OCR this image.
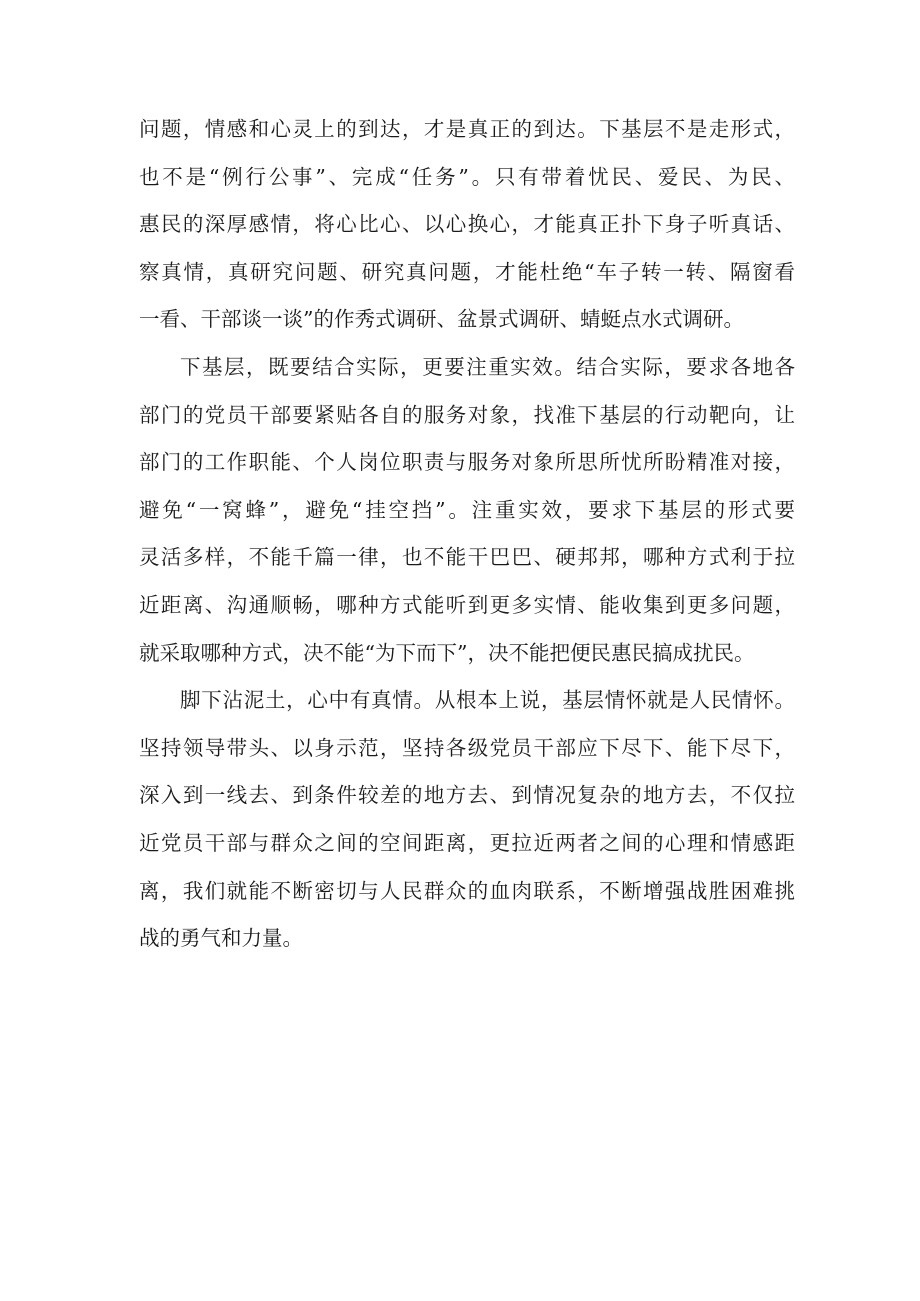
问题，情感和心灵上的到达，才是真正的到达。下基层不是走形式，
也不是“例行公事”、完成“任务”。只有带着忧民、爱民、为民、
惠民的深厚感情，将心比心、以心换心，才能真正扑下身子听真话、
察真情，真研究问题、研究真问题，才能杜绝“车子转一转、隔窗看
一看、干部谈一谈”的作秀式调研、盆景式调研、蜻蜓点水式调研。
下基层，既要结合实际，更要注重实效。结合实际，要求各地各
部门的党员干部要紧贴各自的服务对象，找准下基层的行动靶向，让
部门的工作职能、个人岗位职责与服务对象所思所忧所盼精准对接，
避免“一窝蜂”，避免“挂空挡”。注重实效，要求下基层的形式要
灵活多样，不能千篇一律，也不能干巴巴、硬邦邦，哪种方式利于拉
近距离、沟通顺畅，哪种方式能听到更多实情、能收集到更多问题，
就采取哪种方式，决不能“为下而下”，决不能把便民惠民搞成扰民。
脚下沾泥土，心中有真情。从根本上说，基层情怀就是人民情怀。
坚持领导带头、以身示范，坚持各级党员干部应下尽下、能下尽下，
深入到一线去、到条件较差的地方去、到情况复杂的地方去，不仅拉
近党员干部与群众之间的空间距离，更拉近两者之间的心理和情感距
离，我们就能不断密切与人民群众的血肉联系，不断增强战胜困难挑
战的勇气和力量。
